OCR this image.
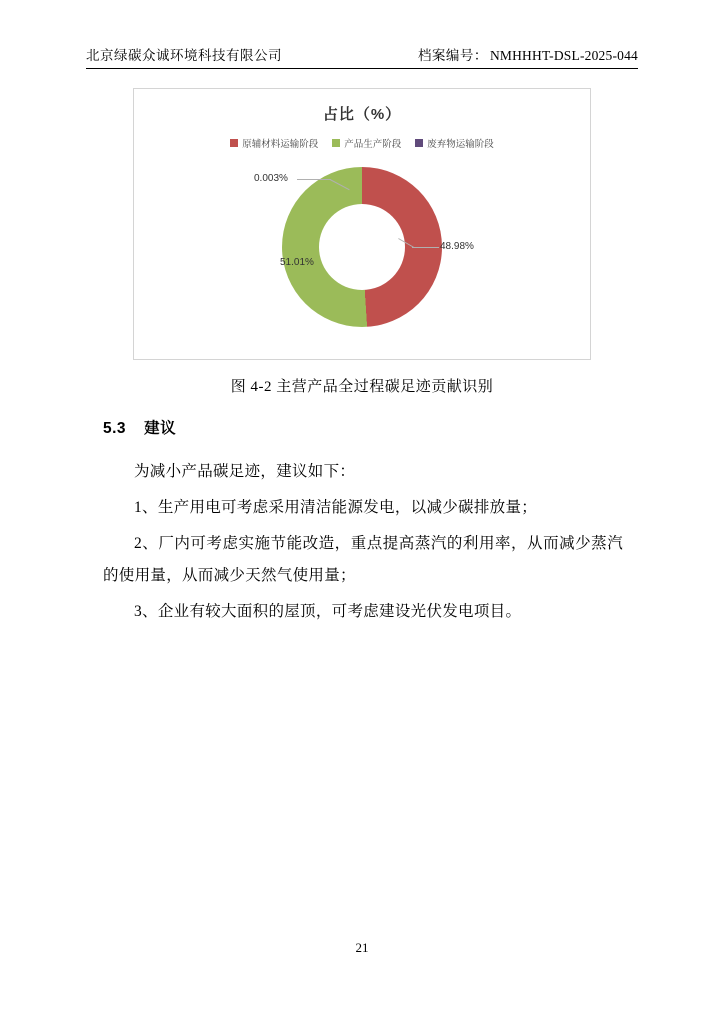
北京绿碳众诚环境科技有限公司	档案编号： NMHHHT-DSL-2025-044
占比（%）
原辅材料运输阶段	产品生产阶段	废弃物运输阶段
48.98%
51.01%
0.003%
图 4-2 主营产品全过程碳足迹贡献识别
5.3 建议
为减小产品碳足迹，建议如下：
1、生产用电可考虑采用清洁能源发电，以减少碳排放量；
2、厂内可考虑实施节能改造，重点提高蒸汽的利用率，从而减少蒸汽的使用量，从而减少天然气使用量；
3、企业有较大面积的屋顶，可考虑建设光伏发电项目。
21
